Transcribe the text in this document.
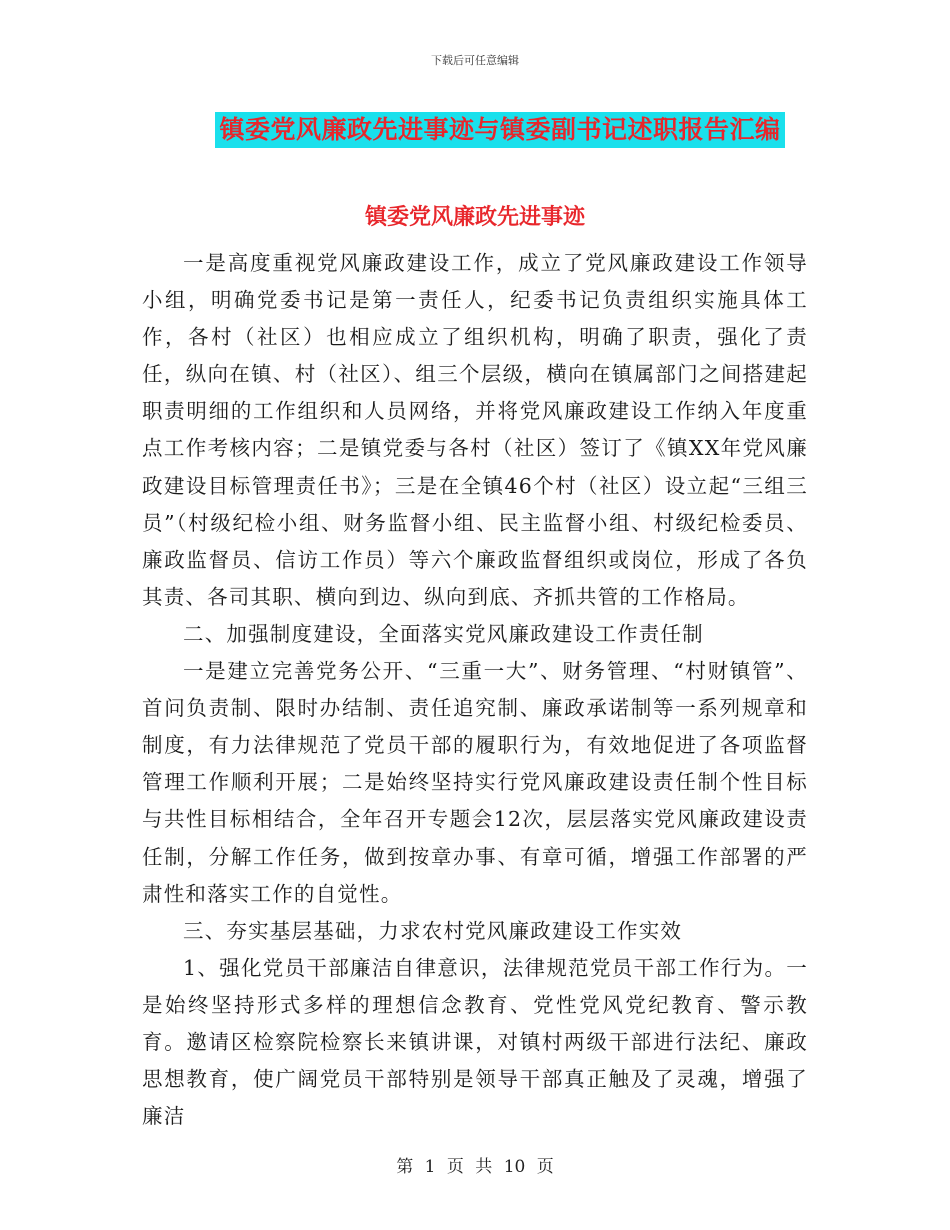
下载后可任意编辑
镇委党风廉政先进事迹与镇委副书记述职报告汇编
镇委党风廉政先进事迹

一是高度重视党风廉政建设工作，成立了党风廉政建设工作领导小组，明确党委书记是第一责任人，纪委书记负责组织实施具体工作，各村（社区）也相应成立了组织机构，明确了职责，强化了责任，纵向在镇、村（社区）、组三个层级，横向在镇属部门之间搭建起职责明细的工作组织和人员网络，并将党风廉政建设工作纳入年度重点工作考核内容；二是镇党委与各村（社区）签订了《镇XX年党风廉政建设目标管理责任书》；三是在全镇46个村（社区）设立起“三组三员”（村级纪检小组、财务监督小组、民主监督小组、村级纪检委员、廉政监督员、信访工作员）等六个廉政监督组织或岗位，形成了各负其责、各司其职、横向到边、纵向到底、齐抓共管的工作格局。

二、加强制度建设，全面落实党风廉政建设工作责任制

一是建立完善党务公开、“三重一大”、财务管理、“村财镇管”、首问负责制、限时办结制、责任追究制、廉政承诺制等一系列规章和制度，有力法律规范了党员干部的履职行为，有效地促进了各项监督管理工作顺利开展；二是始终坚持实行党风廉政建设责任制个性目标与共性目标相结合，全年召开专题会12次，层层落实党风廉政建设责任制，分解工作任务，做到按章办事、有章可循，增强工作部署的严肃性和落实工作的自觉性。

三、夯实基层基础，力求农村党风廉政建设工作实效

1、强化党员干部廉洁自律意识，法律规范党员干部工作行为。一是始终坚持形式多样的理想信念教育、党性党风党纪教育、警示教育。邀请区检察院检察长来镇讲课，对镇村两级干部进行法纪、廉政思想教育，使广阔党员干部特别是领导干部真正触及了灵魂，增强了廉洁

第 1 页 共 10 页
